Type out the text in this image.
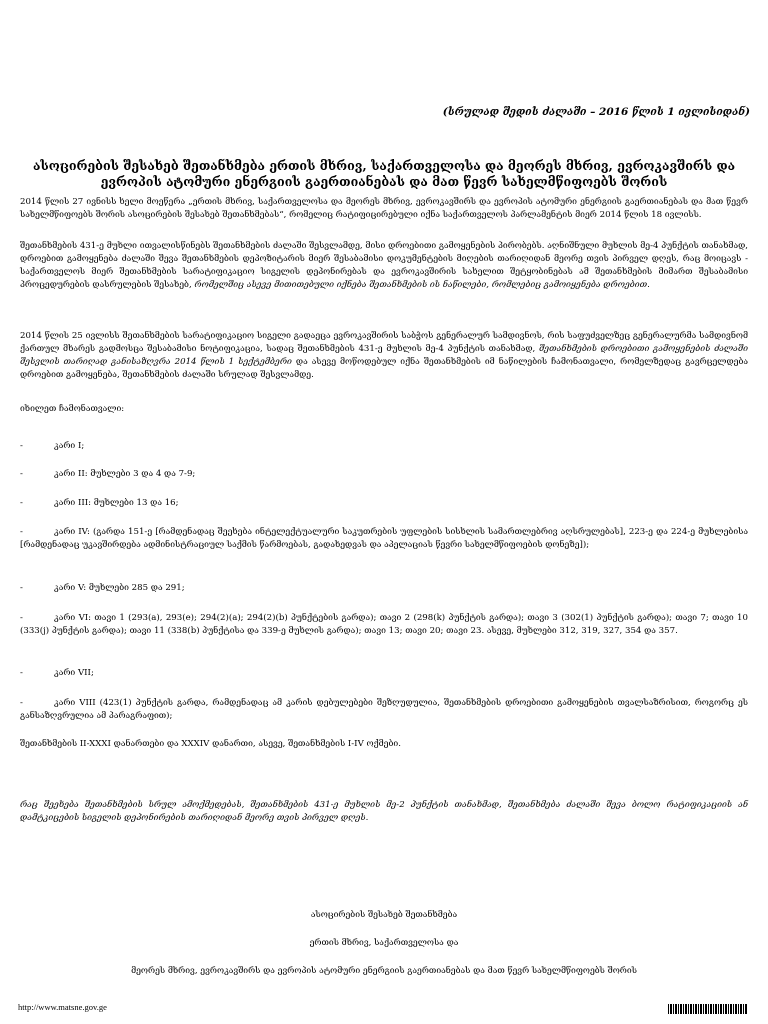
(სრულად შედის ძალაში – 2016 წლის 1 ივლისიდან)
ასოცირების შესახებ შეთანხმება ერთის მხრივ, საქართველოსა და მეორეს მხრივ, ევროკავშირს და
ევროპის ატომური ენერგიის გაერთიანებას და მათ წევრ სახელმწიფოებს შორის
2014 წლის 27 ივნისს ხელი მოეწერა „ერთის მხრივ, საქართველოსა და მეორეს მხრივ, ევროკავშირს და ევროპის ატომური ენერგიის გაერთიანებას და მათ წევრ სახელმწიფოებს შორის ასოცირების შესახებ შეთანხმებას“, რომელიც რატიფიცირებული იქნა საქართველოს პარლამენტის მიერ 2014 წლის 18 ივლისს.
შეთანხმების 431-ე მუხლი ითვალისწინებს შეთანხმების ძალაში შესვლამდე, მისი დროებითი გამოყენების პირობებს. აღნიშნული მუხლის მე-4 პუნქტის თანახმად, დროებით გამოყენება ძალაში შევა შეთანხმების დეპოზიტარის მიერ შესაბამისი დოკუმენტების მიღების თარიღიდან მეორე თვის პირველ დღეს, რაც მოიცავს - საქართველოს მიერ შეთანხმების სარატიფიკაციო სიგელის დეპონირებას და ევროკავშირის სახელით შეტყობინებას ამ შეთანხმების მიმართ შესაბამისი პროცედურების დასრულების შესახებ, რომელშიც ასევე მითითებული იქნება შეთანხმების ის ნაწილები, რომლებიც გამოიყენება დროებით.
2014 წლის 25 ივლისს შეთანხმების სარატიფიკაციო სიგელი გადაეცა ევროკავშირის საბჭოს გენერალურ სამდივნოს, რის საფუძველზეც გენერალურმა სამდივნომ ქართულ მხარეს გადმოსცა შესაბამისი ნოტიფიკაცია, სადაც შეთანხმების 431-ე მუხლის მე-4 პუნქტის თანახმად, შეთანხმების დროებითი გამოყენების ძალაში შესვლის თარიღად განისაზღვრა 2014 წლის 1 სექტემბერი და ასევე მოწოდებულ იქნა შეთანხმების იმ ნაწილების ჩამონათვალი, რომელზედაც გავრცელდება დროებით გამოყენება, შეთანხმების ძალაში სრულად შესვლამდე.
იხილეთ ჩამონათვალი:
-	კარი I;
-	კარი II: მუხლები 3 და 4 და 7-9;
-	კარი III: მუხლები 13 და 16;
-	კარი IV: (გარდა 151-ე [რამდენადაც შეეხება ინტელექტუალური საკუთრების უფლების სისხლის სამართლებრივ აღსრულებას], 223-ე და 224-ე მუხლებისა [რამდენადაც უკავშირდება ადმინისტრაციულ საქმის წარმოებას, გადახედვას და აპელაციას წევრი სახელმწიფოების დონეზე]);
-	კარი V: მუხლები 285 და 291;
-	კარი VI: თავი 1 (293(a), 293(e); 294(2)(a); 294(2)(b) პუნქტების გარდა); თავი 2 (298(k) პუნქტის გარდა); თავი 3 (302(1) პუნქტის გარდა); თავი 7; თავი 10 (333(j) პუნქტის გარდა); თავი 11 (338(b) პუნქტისა და 339-ე მუხლის გარდა); თავი 13; თავი 20; თავი 23. ასევე, მუხლები 312, 319, 327, 354 და 357.
-	კარი VII;
-	კარი VIII (423(1) პუნქტის გარდა, რამდენადაც ამ კარის დებულებები შეზღუდულია, შეთანხმების დროებითი გამოყენების თვალსაზრისით, როგორც ეს განსაზღვრულია ამ პარაგრაფით);
შეთანხმების II-XXXI დანართები და XXXIV დანართი, ასევე, შეთანხმების I-IV ოქმები.
რაც შეეხება შეთანხმების სრულ ამოქმედებას, შეთანხმების 431-ე მუხლის მე-2 პუნქტის თანახმად, შეთანხმება ძალაში შევა ბოლო რატიფიკაციის ან დამტკიცების სიგელის დეპონირების თარიღიდან მეორე თვის პირველ დღეს.
ასოცირების შესახებ შეთანხმება
ერთის მხრივ, საქართველოსა და
მეორეს მხრივ, ევროკავშირს და ევროპის ატომური ენერგიის გაერთიანებას და მათ წევრ სახელმწიფოებს შორის
http://www.matsne.gov.ge
